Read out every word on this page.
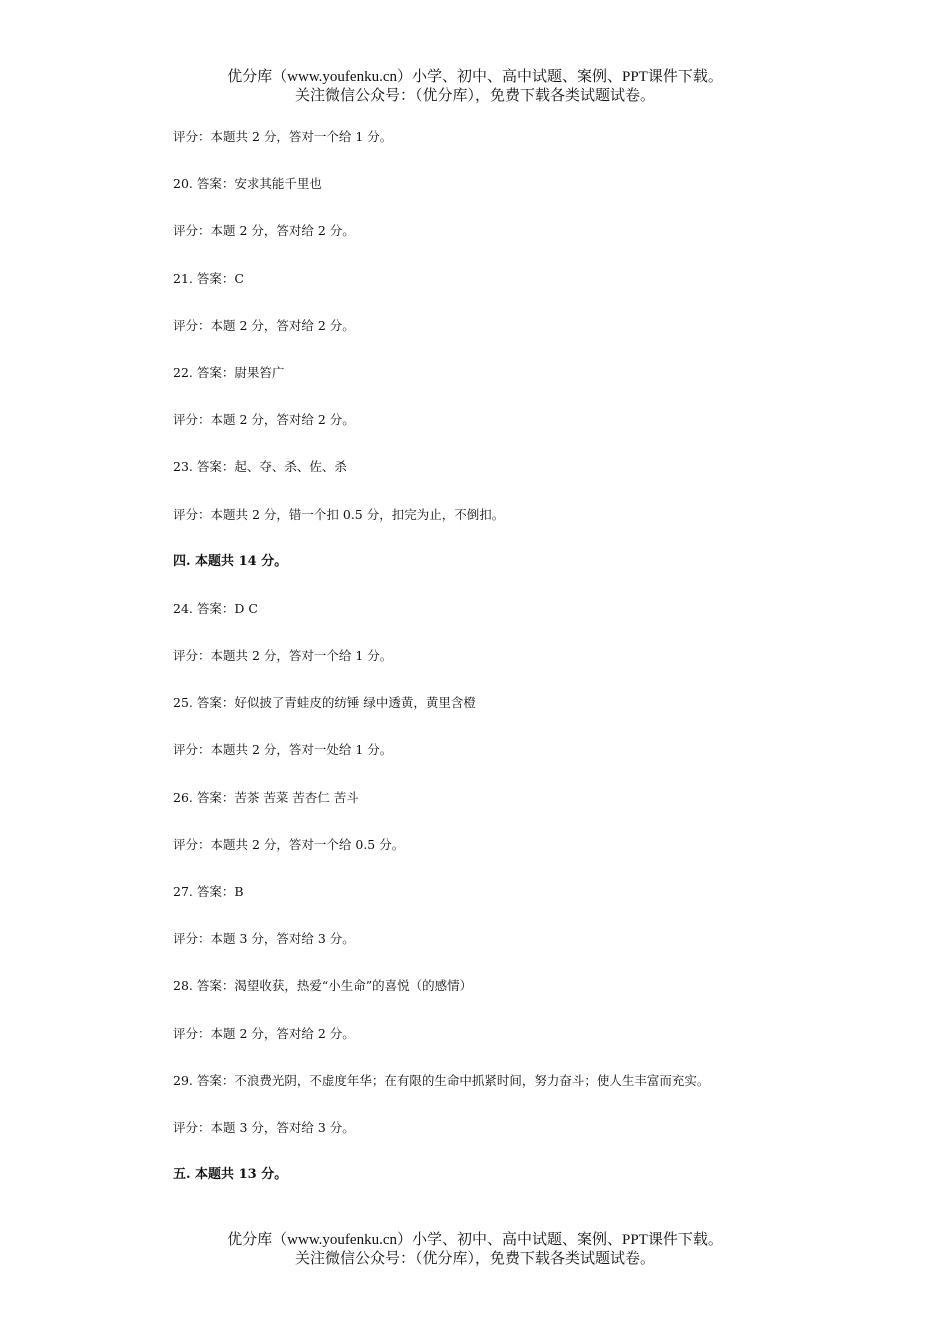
优分库（www.youfenku.cn）小学、初中、高中试题、案例、PPT课件下载。
关注微信公众号：（优分库），免费下载各类试题试卷。
评分：本题共 2 分，答对一个给 1 分。
20. 答案：安求其能千里也
评分：本题 2 分，答对给 2 分。
21. 答案：C
评分：本题 2 分，答对给 2 分。
22. 答案：尉果笞广
评分：本题 2 分，答对给 2 分。
23. 答案：起、夺、杀、佐、杀
评分：本题共 2 分，错一个扣 0.5 分，扣完为止，不倒扣。
四. 本题共 14 分。
24. 答案：D C
评分：本题共 2 分，答对一个给 1 分。
25. 答案：好似披了青蛙皮的纺锤 绿中透黄，黄里含橙
评分：本题共 2 分，答对一处给 1 分。
26. 答案：苦茶 苦菜 苦杏仁 苦斗
评分：本题共 2 分，答对一个给 0.5 分。
27. 答案：B
评分：本题 3 分，答对给 3 分。
28. 答案：渴望收获，热爱“小生命”的喜悦（的感情）
评分：本题 2 分，答对给 2 分。
29. 答案：不浪费光阴，不虚度年华；在有限的生命中抓紧时间，努力奋斗；使人生丰富而充实。
评分：本题 3 分，答对给 3 分。
五. 本题共 13 分。
优分库（www.youfenku.cn）小学、初中、高中试题、案例、PPT课件下载。
关注微信公众号：（优分库），免费下载各类试题试卷。
